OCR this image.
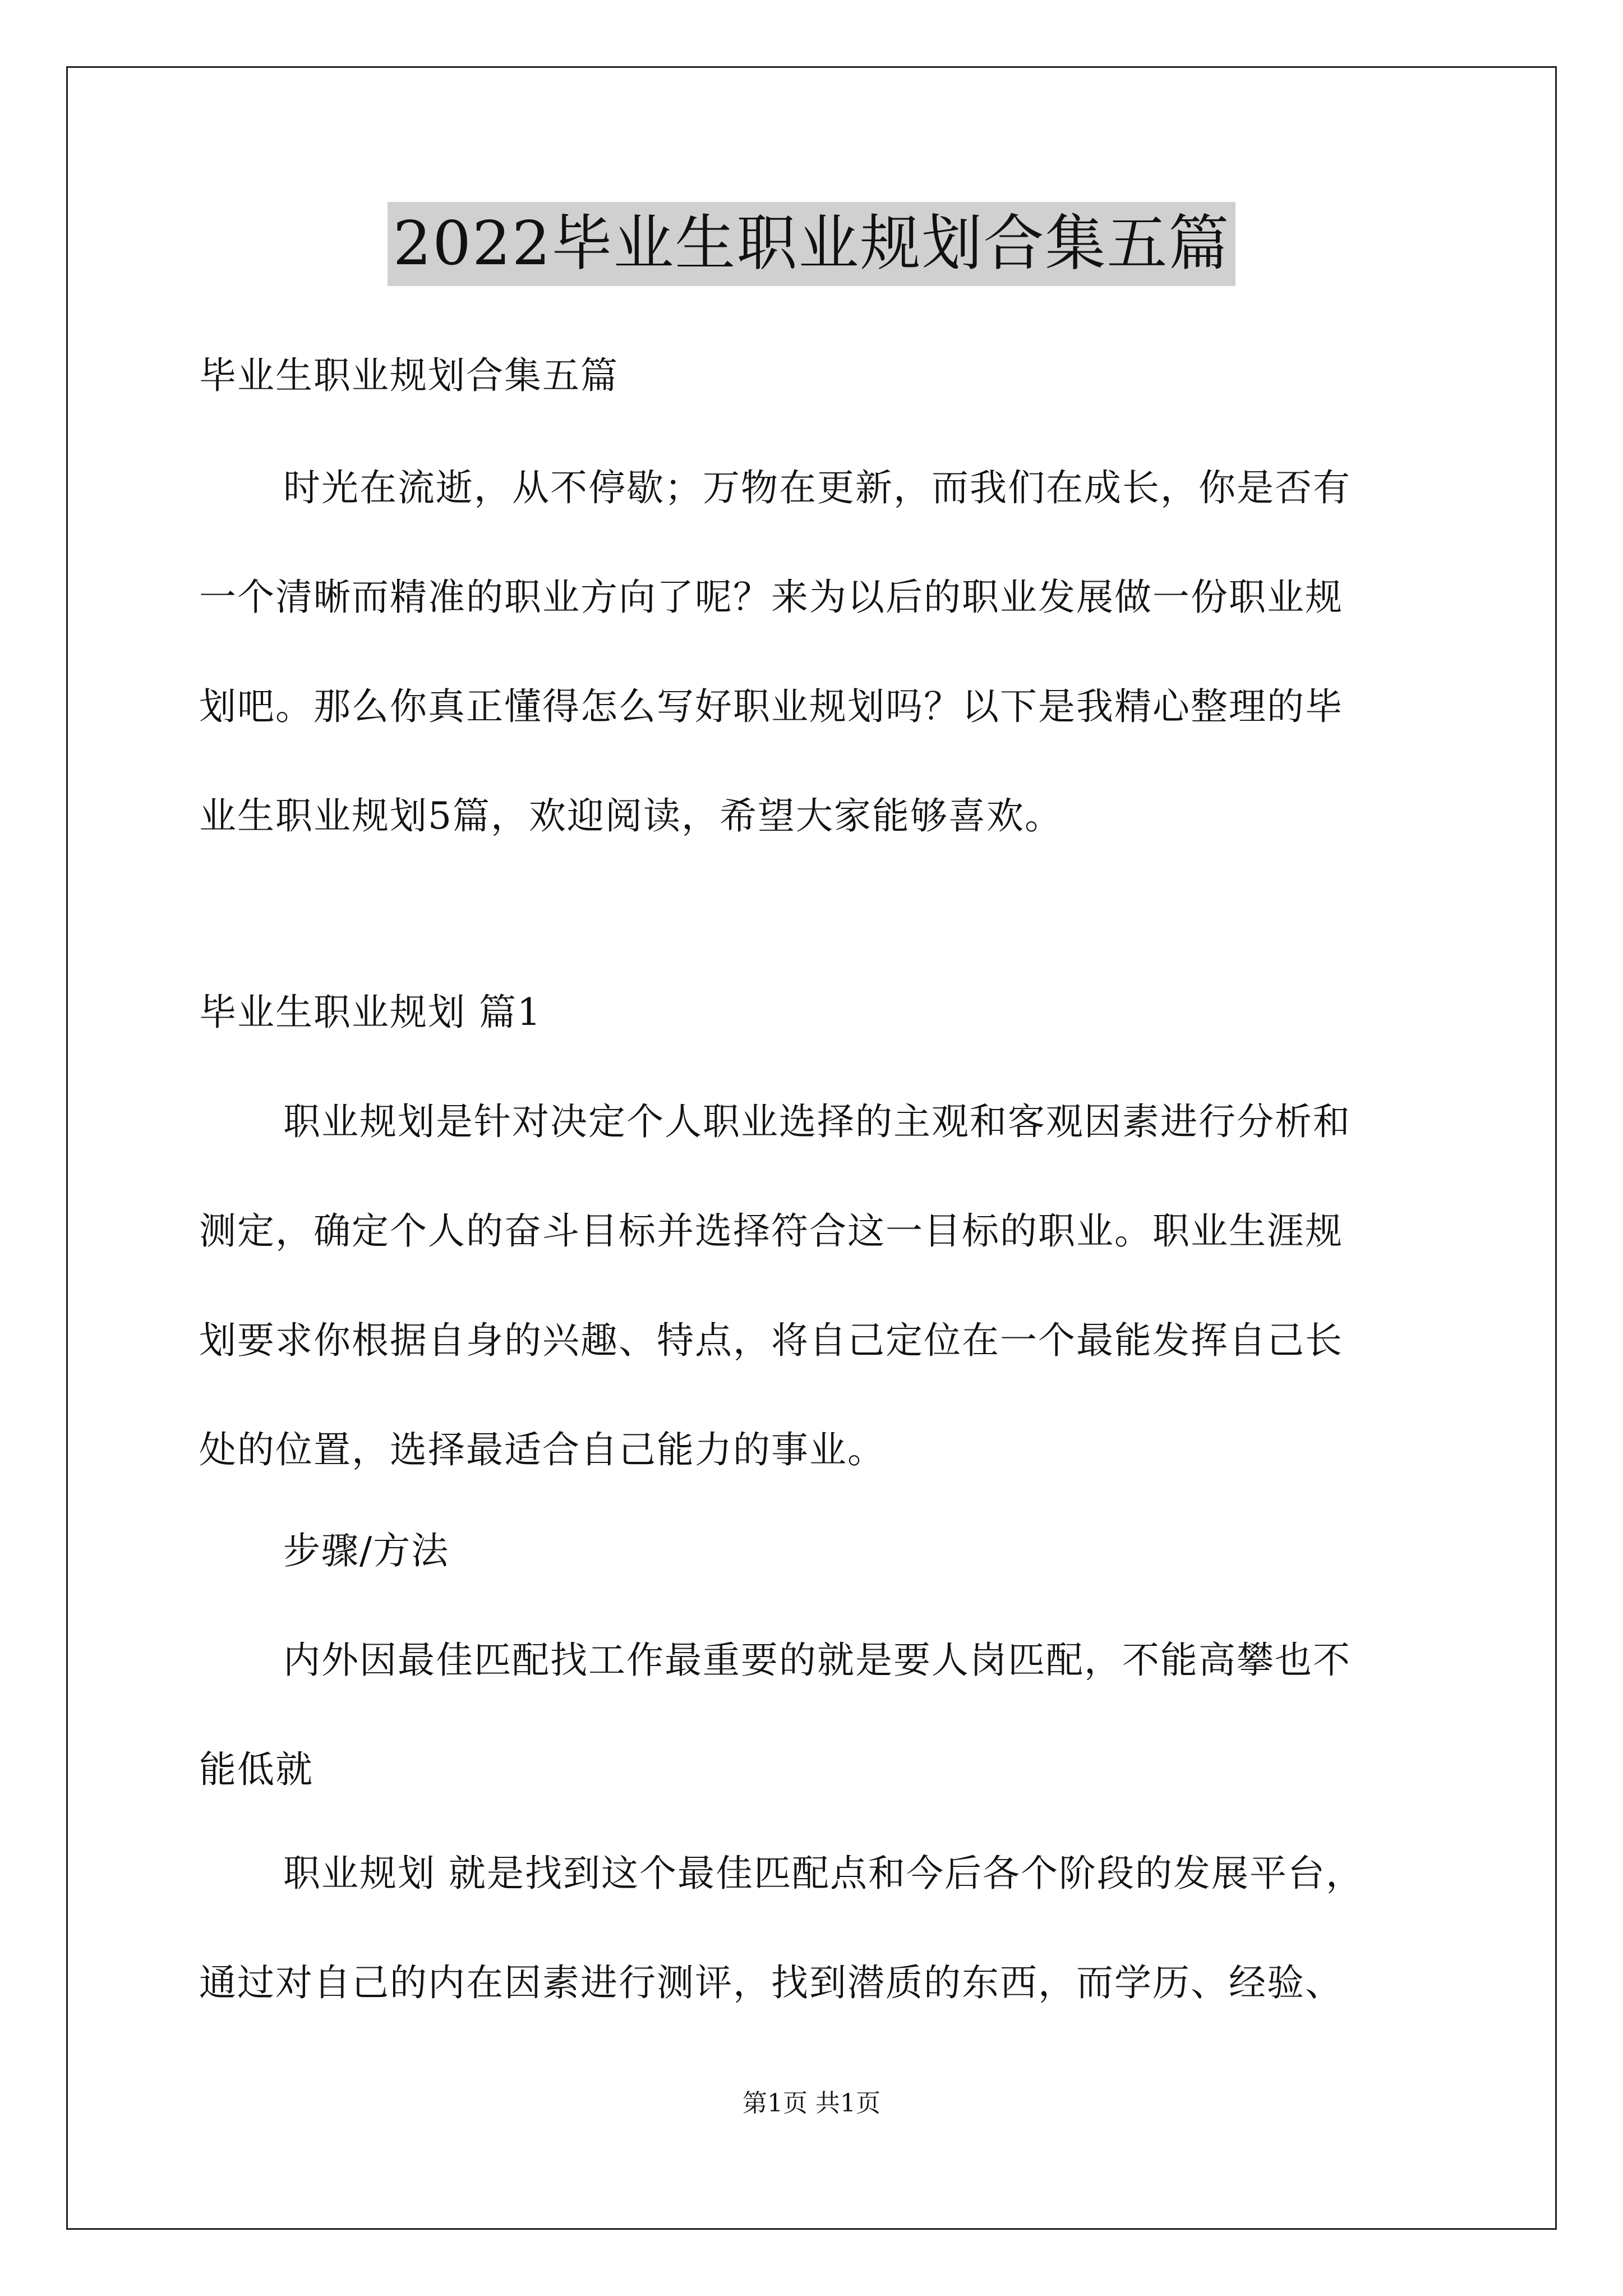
2022毕业生职业规划合集五篇
毕业生职业规划合集五篇
时光在流逝，从不停歇；万物在更新，而我们在成长，你是否有
一个清晰而精准的职业方向了呢？来为以后的职业发展做一份职业规
划吧。那么你真正懂得怎么写好职业规划吗？以下是我精心整理的毕
业生职业规划5篇，欢迎阅读，希望大家能够喜欢。
毕业生职业规划 篇1
职业规划是针对决定个人职业选择的主观和客观因素进行分析和
测定，确定个人的奋斗目标并选择符合这一目标的职业。职业生涯规
划要求你根据自身的兴趣、特点，将自己定位在一个最能发挥自己长
处的位置，选择最适合自己能力的事业。
步骤/方法
内外因最佳匹配找工作最重要的就是要人岗匹配，不能高攀也不
能低就
职业规划 就是找到这个最佳匹配点和今后各个阶段的发展平台，
通过对自己的内在因素进行测评，找到潜质的东西，而学历、经验、
第1页 共1页
